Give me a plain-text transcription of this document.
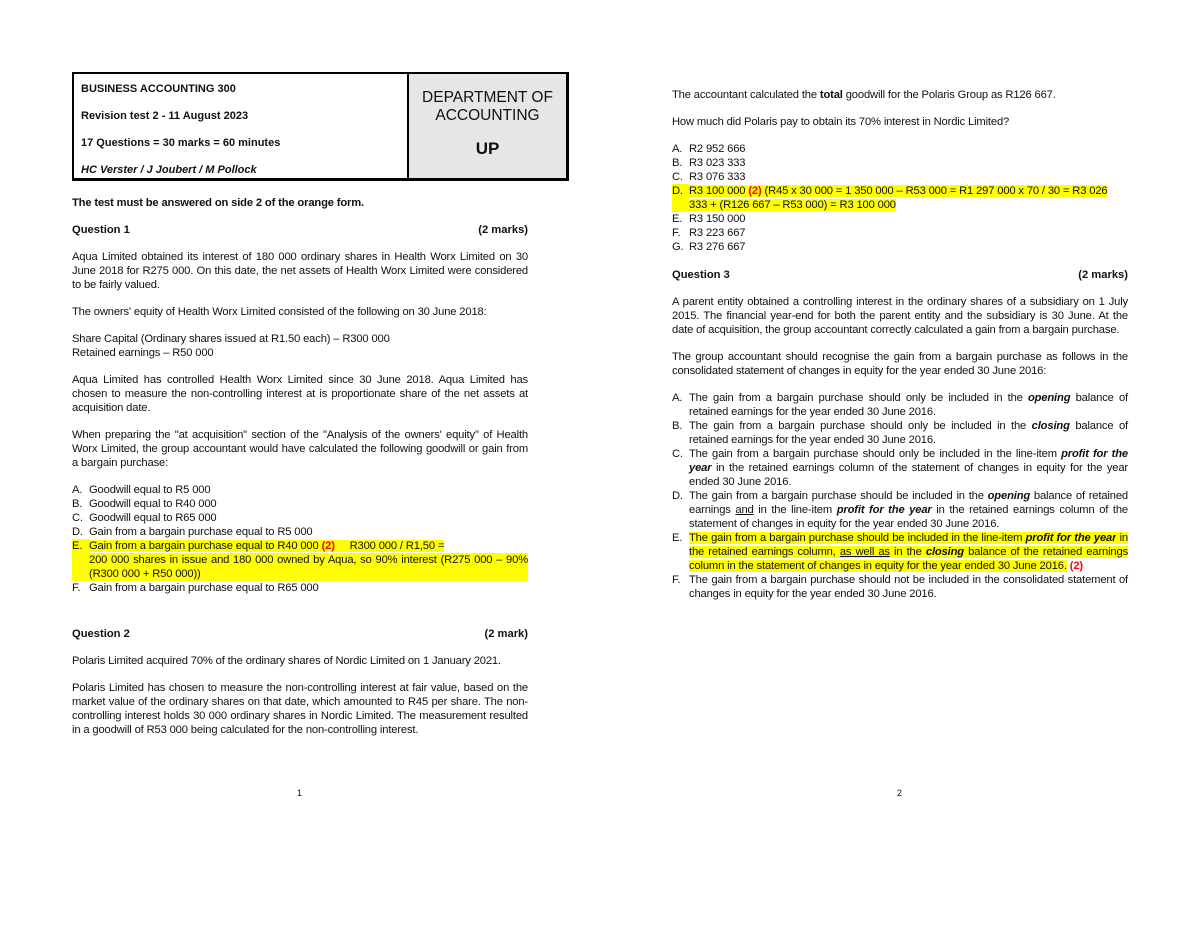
BUSINESS ACCOUNTING 300
Revision test 2 - 11 August 2023
17 Questions = 30 marks = 60 minutes
HC Verster / J Joubert / M Pollock
DEPARTMENT OF
ACCOUNTING
UP
The test must be answered on side 2 of the orange form.
Question 1	(2 marks)

Aqua Limited obtained its interest of 180 000 ordinary shares in Health Worx Limited on 30 June 2018 for R275 000. On this date, the net assets of Health Worx Limited were considered to be fairly valued.

The owners' equity of Health Worx Limited consisted of the following on 30 June 2018:

Share Capital (Ordinary shares issued at R1.50 each) – R300 000

Retained earnings – R50 000

Aqua Limited has controlled Health Worx Limited since 30 June 2018. Aqua Limited has chosen to measure the non-controlling interest at is proportionate share of the net assets at acquisition date.

When preparing the "at acquisition" section of the "Analysis of the owners' equity" of Health Worx Limited, the group accountant would have calculated the following goodwill or gain from a bargain purchase:

A. Goodwill equal to R5 000
B. Goodwill equal to R40 000
C. Goodwill equal to R65 000
D. Gain from a bargain purchase equal to R5 000
E. Gain from a bargain purchase equal to R40 000 (2) R300 000 / R1,50 =
200 000 shares in issue and 180 000 owned by Aqua, so 90% interest (R275 000 – 90%(R300 000 + R50 000))
F. Gain from a bargain purchase equal to R65 000
Question 2	(2 mark)

Polaris Limited acquired 70% of the ordinary shares of Nordic Limited on 1 January 2021.

Polaris Limited has chosen to measure the non-controlling interest at fair value, based on the market value of the ordinary shares on that date, which amounted to R45 per share. The non-controlling interest holds 30 000 ordinary shares in Nordic Limited. The measurement resulted in a goodwill of R53 000 being calculated for the non-controlling interest.

1

The accountant calculated the total goodwill for the Polaris Group as R126 667.

How much did Polaris pay to obtain its 70% interest in Nordic Limited?

A. R2 952 666
B. R3 023 333
C. R3 076 333
D. R3 100 000 (2) (R45 x 30 000 = 1 350 000 – R53 000 = R1 297 000 x 70 / 30 = R3 026 333 + (R126 667 – R53 000) = R3 100 000
E. R3 150 000
F. R3 223 667
G. R3 276 667
Question 3	(2 marks)

A parent entity obtained a controlling interest in the ordinary shares of a subsidiary on 1 July 2015. The financial year-end for both the parent entity and the subsidiary is 30 June. At the date of acquisition, the group accountant correctly calculated a gain from a bargain purchase.

The group accountant should recognise the gain from a bargain purchase as follows in the consolidated statement of changes in equity for the year ended 30 June 2016:

A. The gain from a bargain purchase should only be included in the opening balance of retained earnings for the year ended 30 June 2016.
B. The gain from a bargain purchase should only be included in the closing balance of retained earnings for the year ended 30 June 2016.
C. The gain from a bargain purchase should only be included in the line-item profit for the year in the retained earnings column of the statement of changes in equity for the year ended 30 June 2016.
D. The gain from a bargain purchase should be included in the opening balance of retained earnings and in the line-item profit for the year in the retained earnings column of the statement of changes in equity for the year ended 30 June 2016.
E. The gain from a bargain purchase should be included in the line-item profit for the year in the retained earnings column, as well as in the closing balance of the retained earnings column in the statement of changes in equity for the year ended 30 June 2016. (2)
F. The gain from a bargain purchase should not be included in the consolidated statement of changes in equity for the year ended 30 June 2016.
2
